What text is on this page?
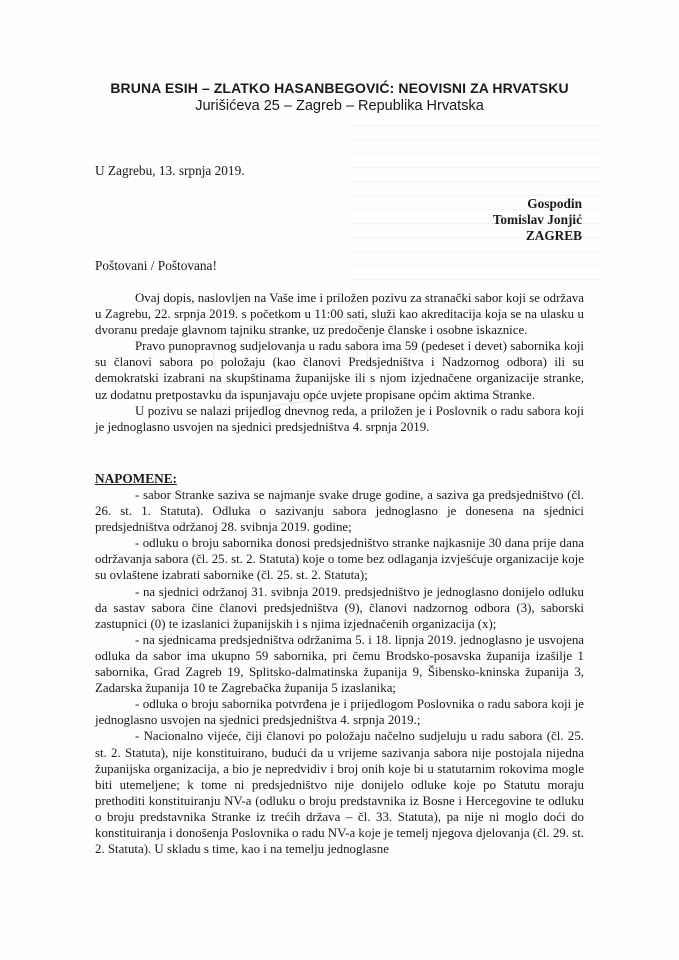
BRUNA ESIH – ZLATKO HASANBEGOVIĆ: NEOVISNI ZA HRVATSKU
Jurišićeva 25 – Zagreb – Republika Hrvatska
U Zagrebu, 13. srpnja 2019.
Gospodin
Tomislav Jonjić
ZAGREB
Poštovani / Poštovana!

Ovaj dopis, naslovljen na Vaše ime i priložen pozivu za stranački sabor koji se održava u Zagrebu, 22. srpnja 2019. s početkom u 11:00 sati, služi kao akreditacija koja se na ulasku u dvoranu predaje glavnom tajniku stranke, uz predočenje članske i osobne iskaznice.

Pravo punopravnog sudjelovanja u radu sabora ima 59 (pedeset i devet) sabornika koji su članovi sabora po položaju (kao članovi Predsjedništva i Nadzornog odbora) ili su demokratski izabrani na skupštinama županijske ili s njom izjednačene organizacije stranke, uz dodatnu pretpostavku da ispunjavaju opće uvjete propisane općim aktima Stranke.

U pozivu se nalazi prijedlog dnevnog reda, a priložen je i Poslovnik o radu sabora koji je jednoglasno usvojen na sjednici predsjedništva 4. srpnja 2019.

NAPOMENE:

- sabor Stranke saziva se najmanje svake druge godine, a saziva ga predsjedništvo (čl. 26. st. 1. Statuta). Odluka o sazivanju sabora jednoglasno je donesena na sjednici predsjedništva održanoj 28. svibnja 2019. godine;

- odluku o broju sabornika donosi predsjedništvo stranke najkasnije 30 dana prije dana održavanja sabora (čl. 25. st. 2. Statuta) koje o tome bez odlaganja izvješćuje organizacije koje su ovlaštene izabrati sabornike (čl. 25. st. 2. Statuta);

- na sjednici održanoj 31. svibnja 2019. predsjedništvo je jednoglasno donijelo odluku da sastav sabora čine članovi predsjedništva (9), članovi nadzornog odbora (3), saborski zastupnici (0) te izaslanici županijskih i s njima izjednačenih organizacija (x);

- na sjednicama predsjedništva održanima 5. i 18. lipnja 2019. jednoglasno je usvojena odluka da sabor ima ukupno 59 sabornika, pri čemu Brodsko-posavska županija izašilje 1 sabornika, Grad Zagreb 19, Splitsko-dalmatinska županija 9, Šibensko-kninska županija 3, Zadarska županija 10 te Zagrebačka županija 5 izaslanika;

- odluka o broju sabornika potvrđena je i prijedlogom Poslovnika o radu sabora koji je jednoglasno usvojen na sjednici predsjedništva 4. srpnja 2019.;

- Nacionalno vijeće, čiji članovi po položaju načelno sudjeluju u radu sabora (čl. 25. st. 2. Statuta), nije konstituirano, budući da u vrijeme sazivanja sabora nije postojala nijedna županijska organizacija, a bio je nepredvidiv i broj onih koje bi u statutarnim rokovima mogle biti utemeljene; k tome ni predsjedništvo nije donijelo odluke koje po Statutu moraju prethoditi konstituiranju NV-a (odluku o broju predstavnika iz Bosne i Hercegovine te odluku o broju predstavnika Stranke iz trećih država – čl. 33. Statuta), pa nije ni moglo doći do konstituiranja i donošenja Poslovnika o radu NV-a koje je temelj njegova djelovanja (čl. 29. st. 2. Statuta). U skladu s time, kao i na temelju jednoglasne
